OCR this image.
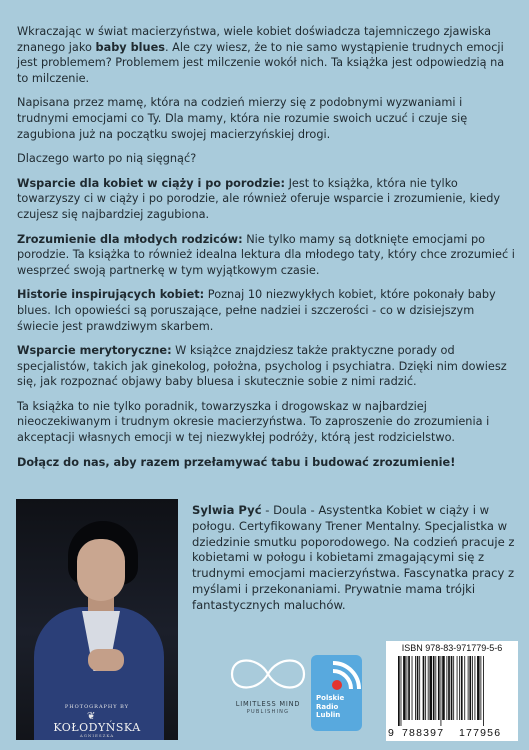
Wkraczając w świat macierzyństwa, wiele kobiet doświadcza tajemniczego zjawiska znanego jako baby blues. Ale czy wiesz, że to nie samo wystąpienie trudnych emocji jest problemem? Problemem jest milczenie wokół nich. Ta książka jest odpowiedzią na to milczenie.

Napisana przez mamę, która na codzień mierzy się z podobnymi wyzwaniami i trudnymi emocjami co Ty. Dla mamy, która nie rozumie swoich uczuć i czuje się zagubiona już na początku swojej macierzyńskiej drogi.

Dlaczego warto po nią sięgnąć?

Wsparcie dla kobiet w ciąży i po porodzie: Jest to książka, która nie tylko towarzyszy ci w ciąży i po porodzie, ale również oferuje wsparcie i zrozumienie, kiedy czujesz się najbardziej zagubiona.

Zrozumienie dla młodych rodziców: Nie tylko mamy są dotknięte emocjami po porodzie. Ta książka to również idealna lektura dla młodego taty, który chce zrozumieć i wesprzeć swoją partnerkę w tym wyjątkowym czasie.

Historie inspirujących kobiet: Poznaj 10 niezwykłych kobiet, które pokonały baby blues. Ich opowieści są poruszające, pełne nadziei i szczerości - co w dzisiejszym świecie jest prawdziwym skarbem.

Wsparcie merytoryczne: W książce znajdziesz także praktyczne porady od specjalistów, takich jak ginekolog, położna, psycholog i psychiatra. Dzięki nim dowiesz się, jak rozpoznać objawy baby bluesa i skutecznie sobie z nimi radzić.

Ta książka to nie tylko poradnik, towarzyszka i drogowskaz w najbardziej nieoczekiwanym i trudnym okresie macierzyństwa. To zaproszenie do zrozumienia i akceptacji własnych emocji w tej niezwykłej podróży, którą jest rodzicielstwo.

Dołącz do nas, aby razem przełamywać tabu i budować zrozumienie!

PHOTOGRAPHY BY
❦
KOŁODYŃSKA
AGNIESZKA
Sylwia Pyć - Doula - Asystentka Kobiet w ciąży i w połogu. Certyfikowany Trener Mentalny. Specjalistka w dziedzinie smutku poporodowego. Na codzień pracuje z kobietami w połogu i kobietami zmagającymi się z trudnymi emocjami macierzyństwa. Fascynatka pracy z myślami i przekonaniami. Prywatnie mama trójki fantastycznych maluchów.
LIMITLESS MIND
PUBLISHING
Polskie
Radio
Lublin
ISBN 978-83-971779-5-6
9 788397 177956
